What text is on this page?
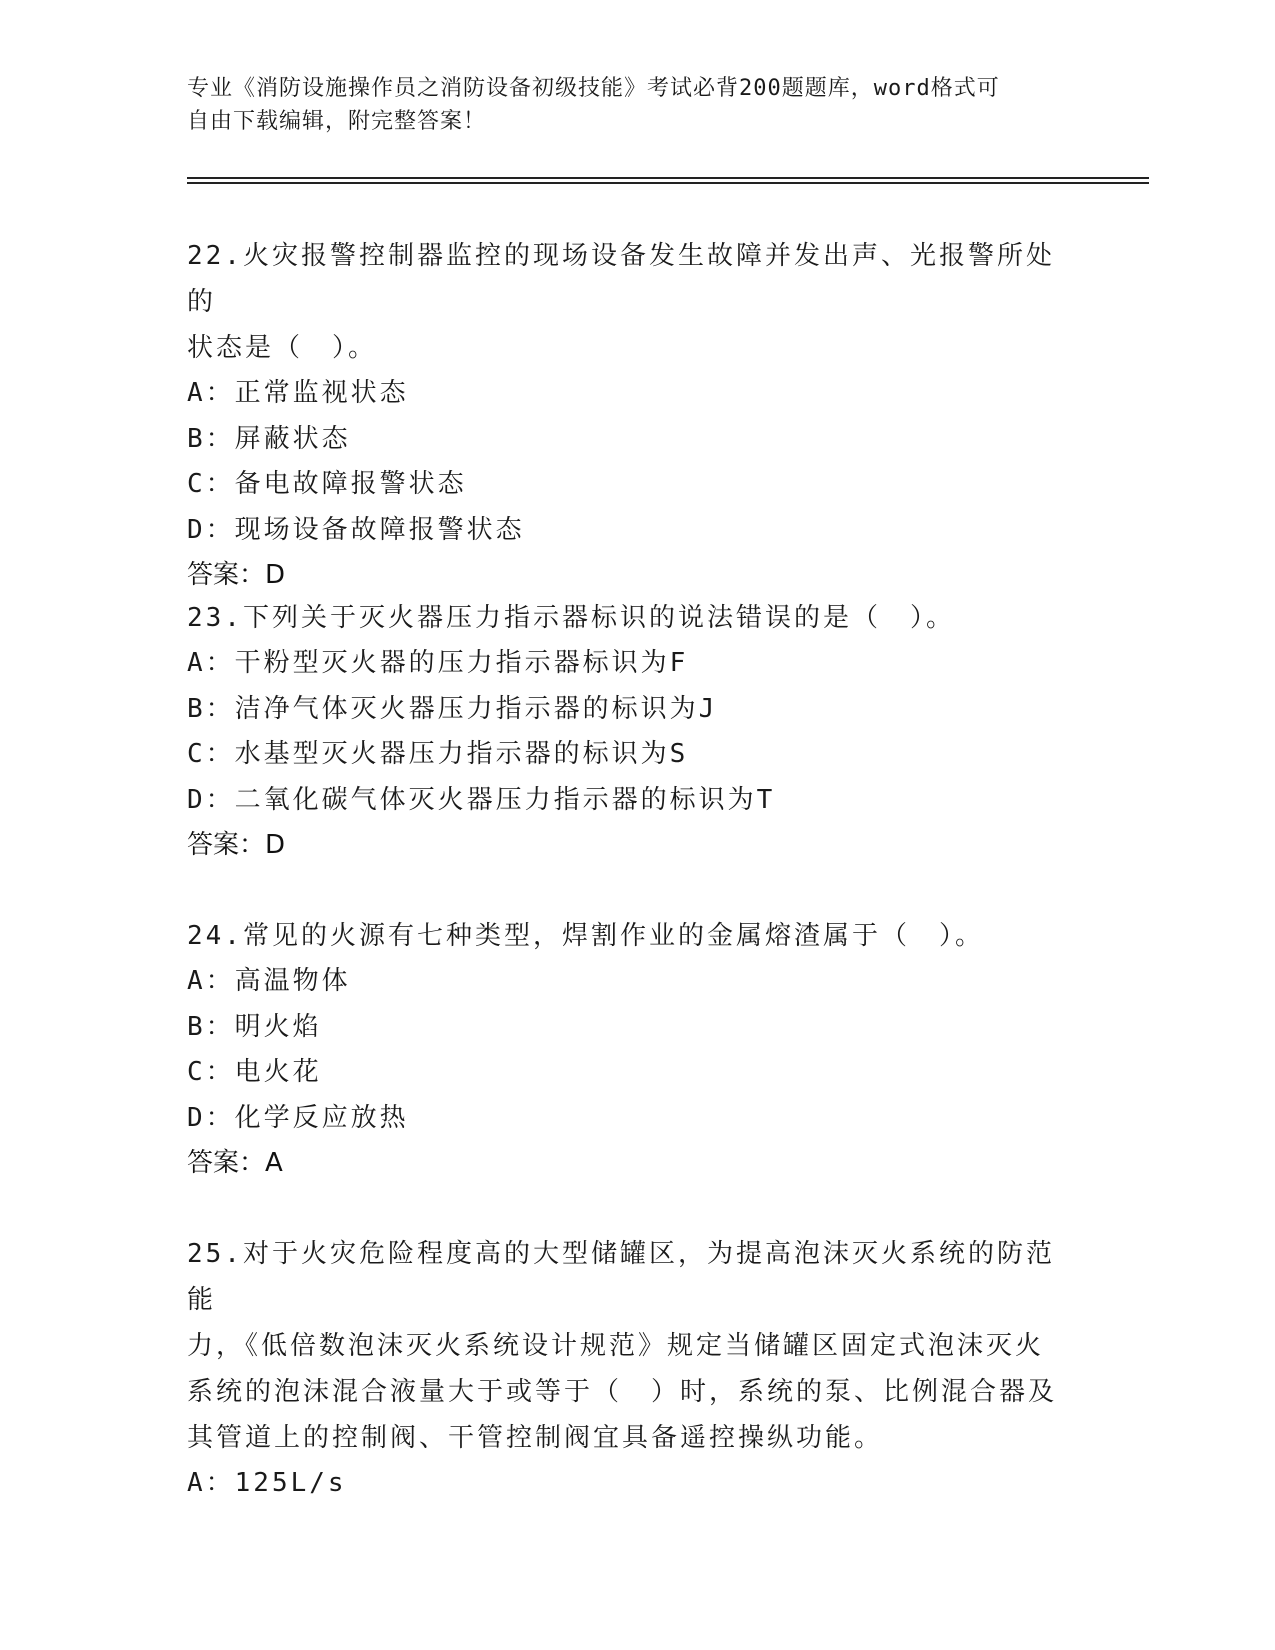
专业《消防设施操作员之消防设备初级技能》考试必背200题题库，word格式可
自由下载编辑，附完整答案！

22.火灾报警控制器监控的现场设备发生故障并发出声、光报警所处的

状态是（　）。

A：正常监视状态

B：屏蔽状态

C：备电故障报警状态

D：现场设备故障报警状态

答案：D

23.下列关于灭火器压力指示器标识的说法错误的是（　）。

A：干粉型灭火器的压力指示器标识为F

B：洁净气体灭火器压力指示器的标识为J

C：水基型灭火器压力指示器的标识为S

D：二氧化碳气体灭火器压力指示器的标识为T

答案：D

24.常见的火源有七种类型，焊割作业的金属熔渣属于（　）。

A：高温物体

B：明火焰

C：电火花

D：化学反应放热

答案：A

25.对于火灾危险程度高的大型储罐区，为提高泡沫灭火系统的防范能

力，《低倍数泡沫灭火系统设计规范》规定当储罐区固定式泡沫灭火

系统的泡沫混合液量大于或等于（　）时，系统的泵、比例混合器及

其管道上的控制阀、干管控制阀宜具备遥控操纵功能。

A：125L/s
